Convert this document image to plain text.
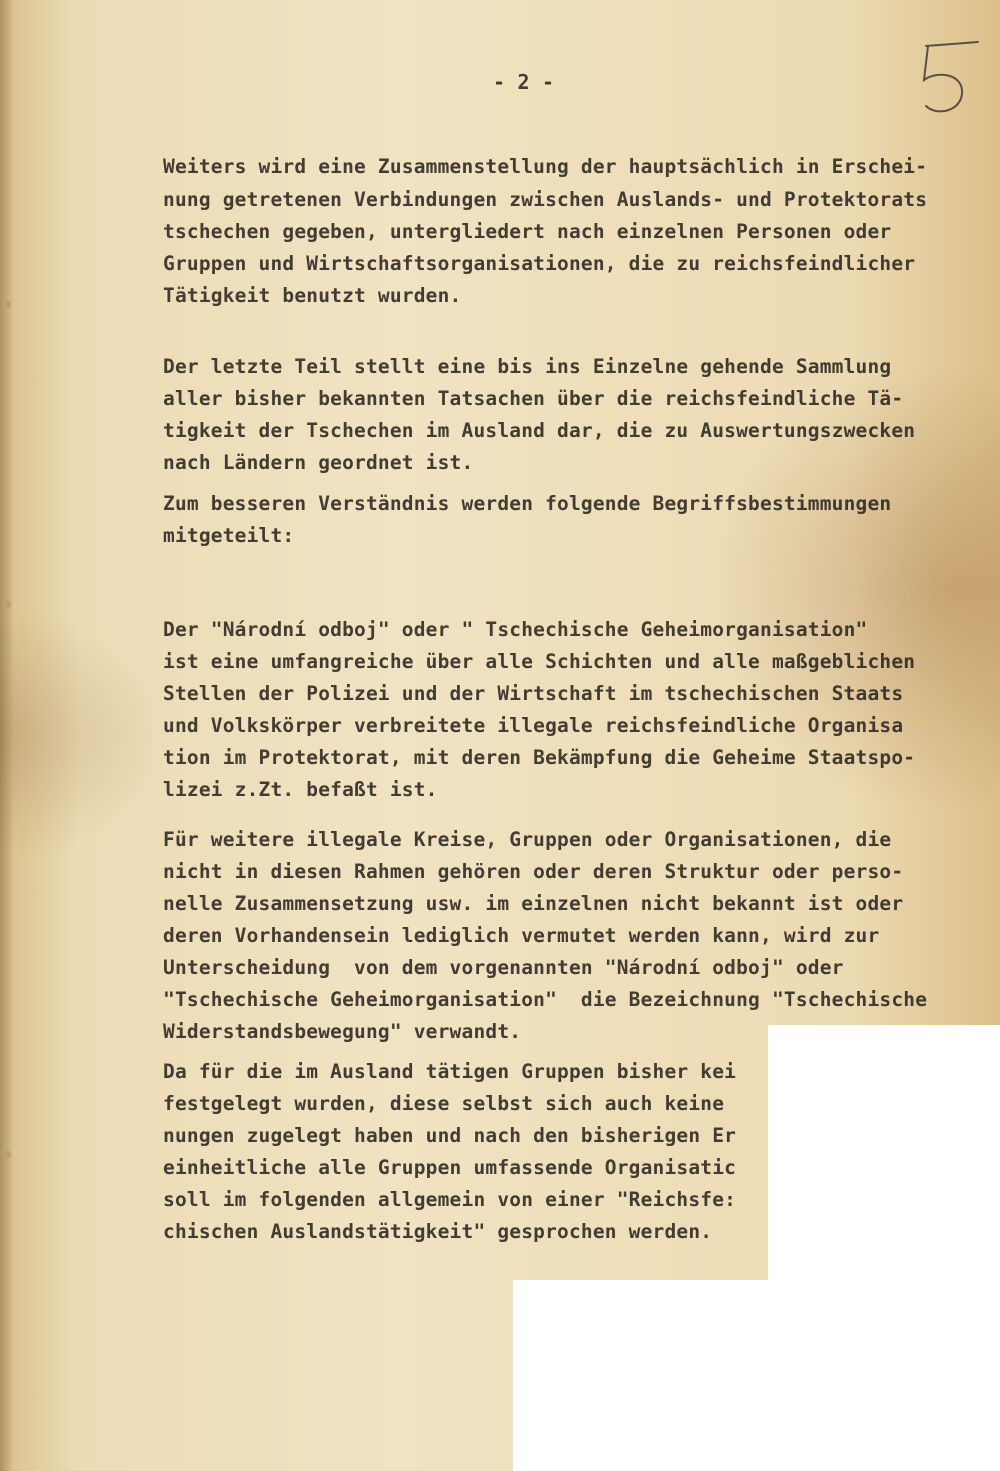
- 2 -

Weiters wird eine Zusammenstellung der hauptsächlich in Erschei-

nung getretenen Verbindungen zwischen Auslands- und Protektorats

tschechen gegeben, untergliedert nach einzelnen Personen oder

Gruppen und Wirtschaftsorganisationen, die zu reichsfeindlicher

Tätigkeit benutzt wurden.

Der letzte Teil stellt eine bis ins Einzelne gehende Sammlung

aller bisher bekannten Tatsachen über die reichsfeindliche Tä-

tigkeit der Tschechen im Ausland dar, die zu Auswertungszwecken

nach Ländern geordnet ist.

Zum besseren Verständnis werden folgende Begriffsbestimmungen

mitgeteilt:

Der "Národní odboj" oder " Tschechische Geheimorganisation"

ist eine umfangreiche über alle Schichten und alle maßgeblichen

Stellen der Polizei und der Wirtschaft im tschechischen Staats

und Volkskörper verbreitete illegale reichsfeindliche Organisa

tion im Protektorat, mit deren Bekämpfung die Geheime Staatspo-

lizei z.Zt. befaßt ist.

Für weitere illegale Kreise, Gruppen oder Organisationen, die

nicht in diesen Rahmen gehören oder deren Struktur oder perso-

nelle Zusammensetzung usw. im einzelnen nicht bekannt ist oder

deren Vorhandensein lediglich vermutet werden kann, wird zur

Unterscheidung  von dem vorgenannten "Národní odboj" oder

"Tschechische Geheimorganisation"  die Bezeichnung "Tschechische

Widerstandsbewegung" verwandt.

Da für die im Ausland tätigen Gruppen bisher kei

festgelegt wurden, diese selbst sich auch keine

nungen zugelegt haben und nach den bisherigen Er

einheitliche alle Gruppen umfassende Organisatic

soll im folgenden allgemein von einer "Reichsfe:

chischen Auslandstätigkeit" gesprochen werden.
